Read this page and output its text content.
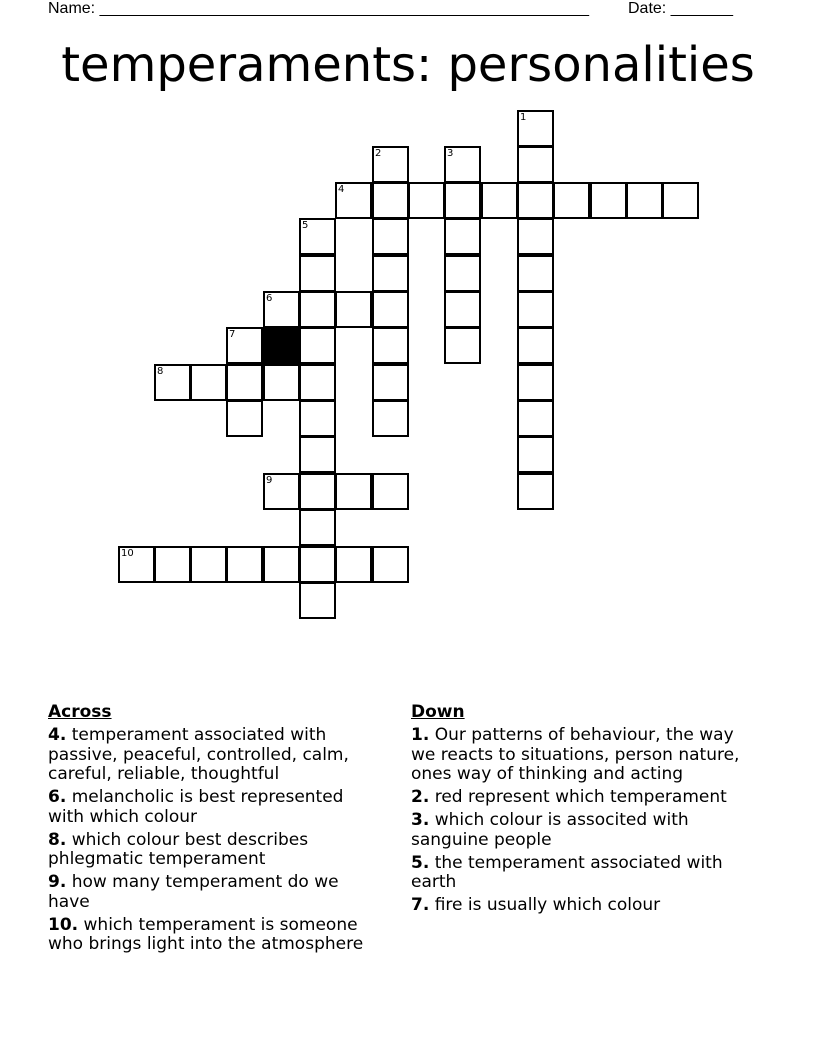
Name: _______________________________________________________ Date: _______
temperaments: personalities
1
2	3
4
5
6
7
8
9
10
Across
4. temperament associated with passive, peaceful, controlled, calm, careful, reliable, thoughtful
6. melancholic is best represented with which colour
8. which colour best describes phlegmatic temperament
9. how many temperament do we have
10. which temperament is someone who brings light into the atmosphere
Down
1. Our patterns of behaviour, the way we reacts to situations, person nature, ones way of thinking and acting
2. red represent which temperament
3. which colour is associted with sanguine people
5. the temperament associated with earth
7. fire is usually which colour
